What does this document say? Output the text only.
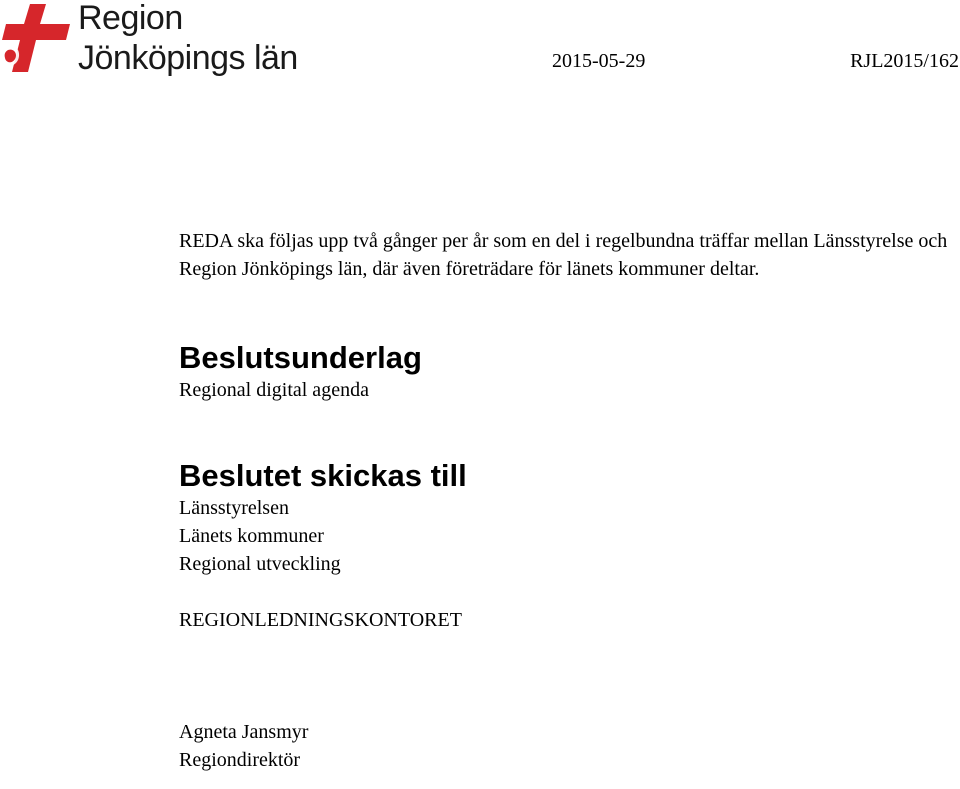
Region
Jönköpings län	2015-05-29	RJL2015/162

REDA ska följas upp två gånger per år som en del i regelbundna träffar mellan Länsstyrelse och Region Jönköpings län, där även företrädare för länets kommuner deltar.

Beslutsunderlag

Regional digital agenda

Beslutet skickas till

Länsstyrelsen

Länets kommuner

Regional utveckling

REGIONLEDNINGSKONTORET

Agneta Jansmyr

Regiondirektör
